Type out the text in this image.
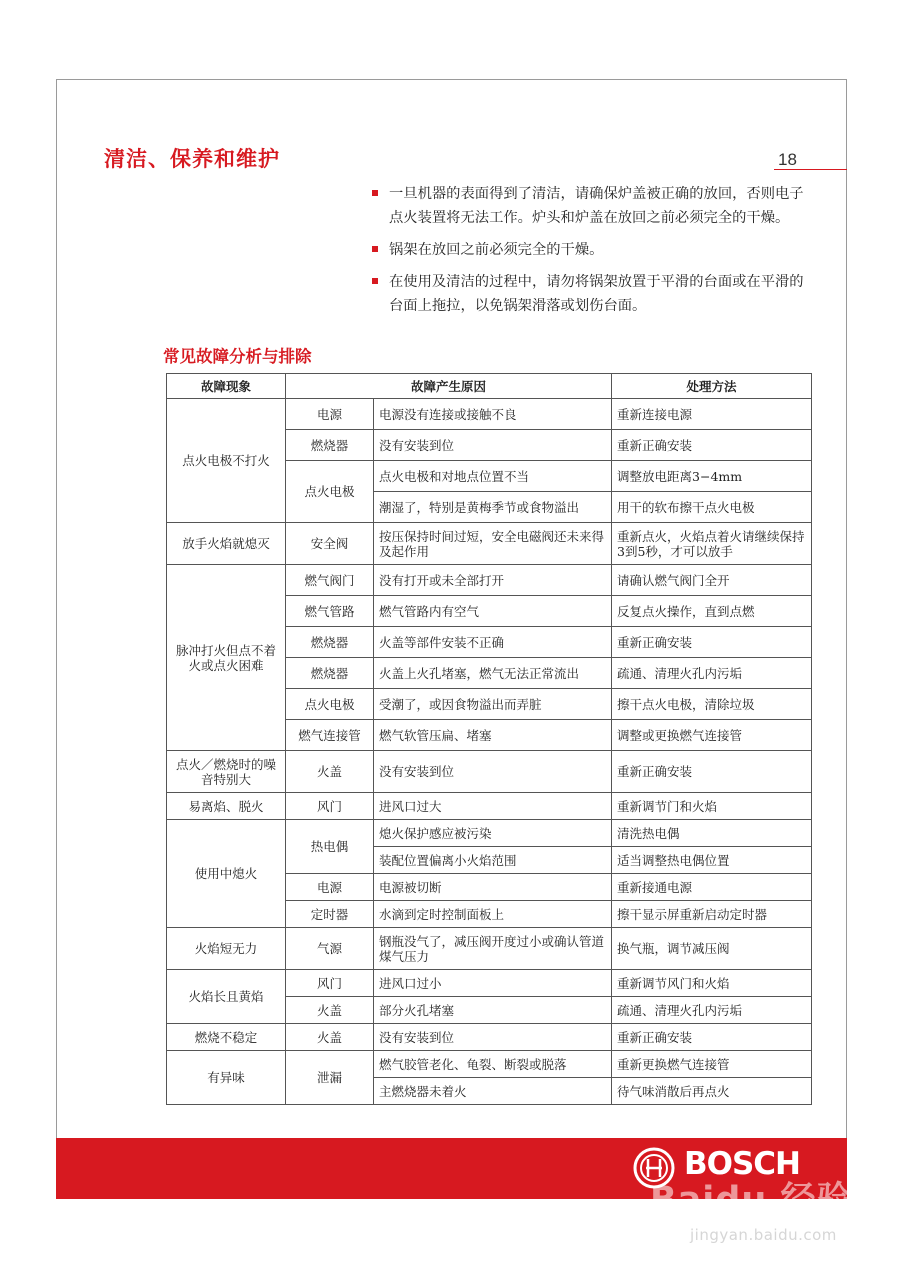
清洁、保养和维护	18
一旦机器的表面得到了清洁，请确保炉盖被正确的放回，否则电子点火装置将无法工作。炉头和炉盖在放回之前必须完全的干燥。
锅架在放回之前必须完全的干燥。
在使用及清洁的过程中，请勿将锅架放置于平滑的台面或在平滑的台面上拖拉，以免锅架滑落或划伤台面。
常见故障分析与排除
故障现象	故障产生原因		处理方法
点火电极不打火	电源	电源没有连接或接触不良	重新连接电源
	燃烧器	没有安装到位	重新正确安装
	点火电极	点火电极和对地点位置不当	调整放电距离3−4mm
		潮湿了，特别是黄梅季节或食物溢出	用干的软布擦干点火电极
放手火焰就熄灭	安全阀	按压保持时间过短，安全电磁阀还未来得及起作用	重新点火，火焰点着火请继续保持3到5秒，才可以放手
脉冲打火但点不着火或点火困难	燃气阀门	没有打开或未全部打开	请确认燃气阀门全开
	燃气管路	燃气管路内有空气	反复点火操作，直到点燃
	燃烧器	火盖等部件安装不正确	重新正确安装
	燃烧器	火盖上火孔堵塞，燃气无法正常流出	疏通、清理火孔内污垢
	点火电极	受潮了，或因食物溢出而弄脏	擦干点火电极，清除垃圾
	燃气连接管	燃气软管压扁、堵塞	调整或更换燃气连接管
点火／燃烧时的噪音特别大	火盖	没有安装到位	重新正确安装
易离焰、脱火	风门	进风口过大	重新调节门和火焰
使用中熄火	热电偶	熄火保护感应被污染	清洗热电偶
		装配位置偏离小火焰范围	适当调整热电偶位置
	电源	电源被切断	重新接通电源
	定时器	水滴到定时控制面板上	擦干显示屏重新启动定时器
火焰短无力	气源	钢瓶没气了，减压阀开度过小或确认管道煤气压力	换气瓶，调节减压阀
火焰长且黄焰	风门	进风口过小	重新调节风门和火焰
	火盖	部分火孔堵塞	疏通、清理火孔内污垢
燃烧不稳定	火盖	没有安装到位	重新正确安装
有异味	泄漏	燃气胶管老化、龟裂、断裂或脱落	重新更换燃气连接管
		主燃烧器未着火	待气味消散后再点火
BOSCH
Baidu 经验
jingyan.baidu.com
